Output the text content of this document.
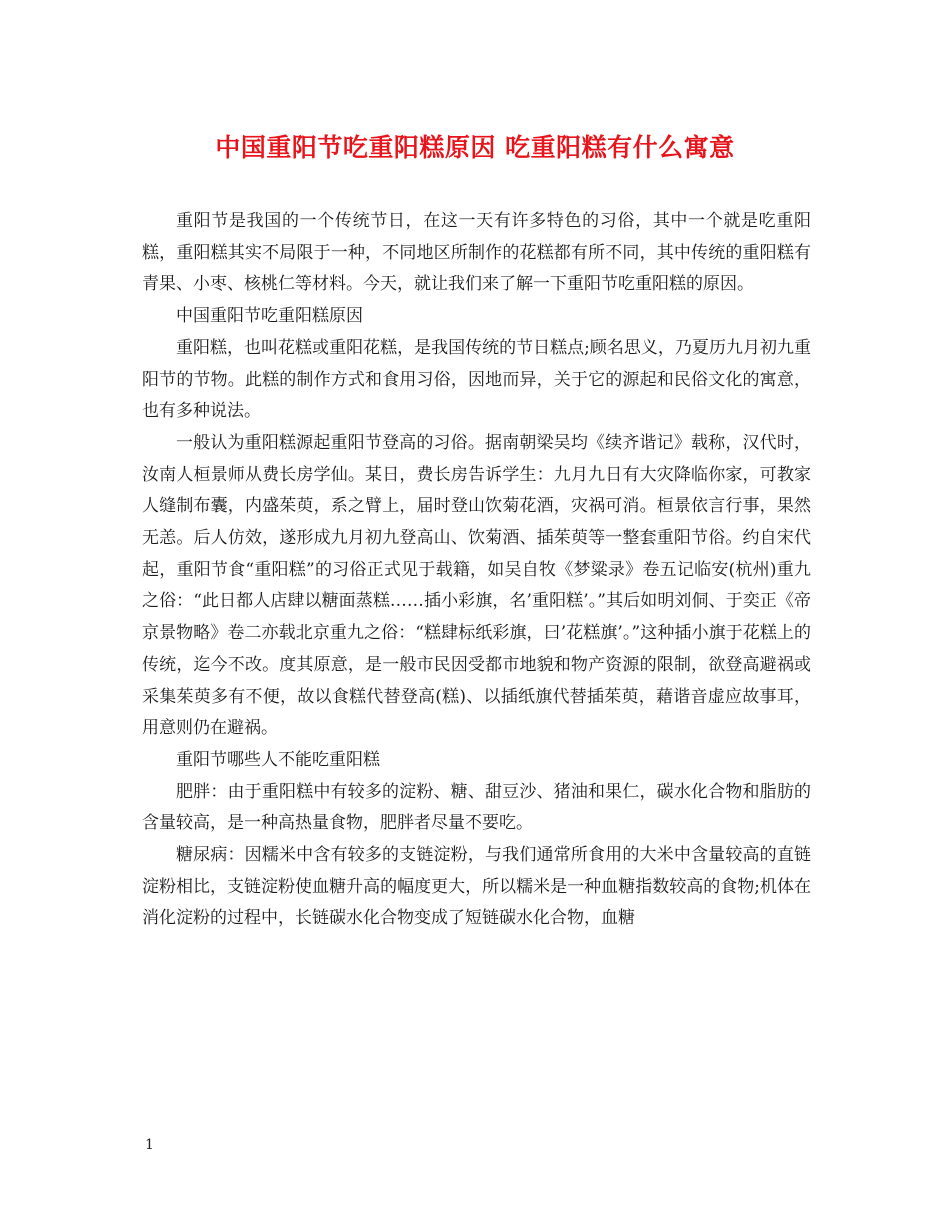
中国重阳节吃重阳糕原因 吃重阳糕有什么寓意

重阳节是我国的一个传统节日，在这一天有许多特色的习俗，其中一个就是吃重阳糕，重阳糕其实不局限于一种，不同地区所制作的花糕都有所不同，其中传统的重阳糕有青果、小枣、核桃仁等材料。今天，就让我们来了解一下重阳节吃重阳糕的原因。

中国重阳节吃重阳糕原因

重阳糕，也叫花糕或重阳花糕，是我国传统的节日糕点;顾名思义，乃夏历九月初九重阳节的节物。此糕的制作方式和食用习俗，因地而异，关于它的源起和民俗文化的寓意，也有多种说法。

一般认为重阳糕源起重阳节登高的习俗。据南朝梁吴均《续齐谐记》载称，汉代时，汝南人桓景师从费长房学仙。某日，费长房告诉学生：九月九日有大灾降临你家，可教家人缝制布囊，内盛茱萸，系之臂上，届时登山饮菊花酒，灾祸可消。桓景依言行事，果然无恙。后人仿效，遂形成九月初九登高山、饮菊酒、插茱萸等一整套重阳节俗。约自宋代起，重阳节食“重阳糕”的习俗正式见于载籍，如吴自牧《梦粱录》卷五记临安(杭州)重九之俗：“此日都人店肆以糖面蒸糕……插小彩旗，名’重阳糕’。”其后如明刘侗、于奕正《帝京景物略》卷二亦载北京重九之俗：“糕肆标纸彩旗，曰’花糕旗’。”这种插小旗于花糕上的传统，迄今不改。度其原意，是一般市民因受都市地貌和物产资源的限制，欲登高避祸或采集茱萸多有不便，故以食糕代替登高(糕)、以插纸旗代替插茱萸，藉谐音虚应故事耳，用意则仍在避祸。

重阳节哪些人不能吃重阳糕

肥胖：由于重阳糕中有较多的淀粉、糖、甜豆沙、猪油和果仁，碳水化合物和脂肪的含量较高，是一种高热量食物，肥胖者尽量不要吃。

糖尿病：因糯米中含有较多的支链淀粉，与我们通常所食用的大米中含量较高的直链淀粉相比，支链淀粉使血糖升高的幅度更大，所以糯米是一种血糖指数较高的食物;机体在消化淀粉的过程中，长链碳水化合物变成了短链碳水化合物，血糖

1
